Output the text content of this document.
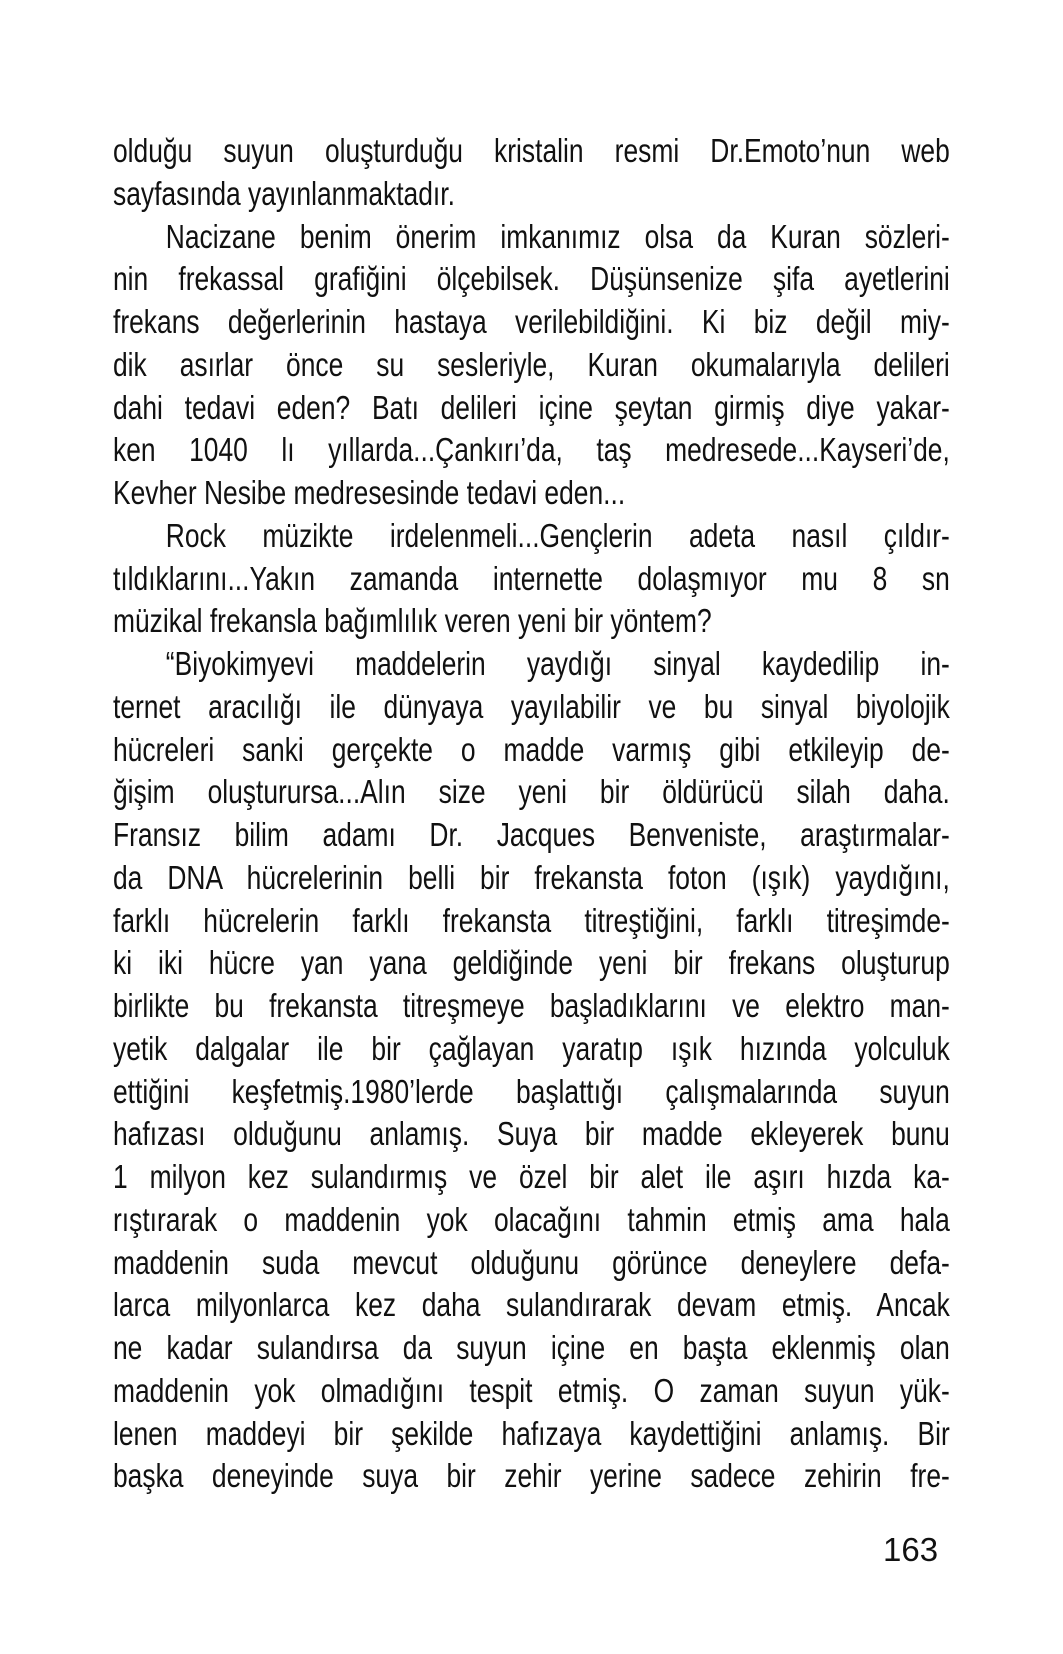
olduğu suyun oluşturduğu kristalin resmi Dr.Emoto’nun web
sayfasında yayınlanmaktadır.
Nacizane benim önerim imkanımız olsa da Kuran sözleri-
nin frekassal grafiğini ölçebilsek. Düşünsenize şifa ayetlerini
frekans değerlerinin hastaya verilebildiğini. Ki biz değil miy-
dik asırlar önce su sesleriyle, Kuran okumalarıyla delileri
dahi tedavi eden? Batı delileri içine şeytan girmiş diye yakar-
ken 1040 lı yıllarda...Çankırı’da, taş medresede...Kayseri’de,
Kevher Nesibe medresesinde tedavi eden...
Rock müzikte irdelenmeli...Gençlerin adeta nasıl çıldır-
tıldıklarını...Yakın zamanda internette dolaşmıyor mu 8 sn
müzikal frekansla bağımlılık veren yeni bir yöntem?
“Biyokimyevi maddelerin yaydığı sinyal kaydedilip in-
ternet aracılığı ile dünyaya yayılabilir ve bu sinyal biyolojik
hücreleri sanki gerçekte o madde varmış gibi etkileyip de-
ğişim oluşturursa...Alın size yeni bir öldürücü silah daha.
Fransız bilim adamı Dr. Jacques Benveniste, araştırmalar-
da DNA hücrelerinin belli bir frekansta foton (ışık) yaydığını,
farklı hücrelerin farklı frekansta titreştiğini, farklı titreşimde-
ki iki hücre yan yana geldiğinde yeni bir frekans oluşturup
birlikte bu frekansta titreşmeye başladıklarını ve elektro man-
yetik dalgalar ile bir çağlayan yaratıp ışık hızında yolculuk
ettiğini keşfetmiş.1980’lerde başlattığı çalışmalarında suyun
hafızası olduğunu anlamış. Suya bir madde ekleyerek bunu
1 milyon kez sulandırmış ve özel bir alet ile aşırı hızda ka-
rıştırarak o maddenin yok olacağını tahmin etmiş ama hala
maddenin suda mevcut olduğunu görünce deneylere defa-
larca milyonlarca kez daha sulandırarak devam etmiş. Ancak
ne kadar sulandırsa da suyun içine en başta eklenmiş olan
maddenin yok olmadığını tespit etmiş. O zaman suyun yük-
lenen maddeyi bir şekilde hafızaya kaydettiğini anlamış. Bir
başka deneyinde suya bir zehir yerine sadece zehirin fre-
163
